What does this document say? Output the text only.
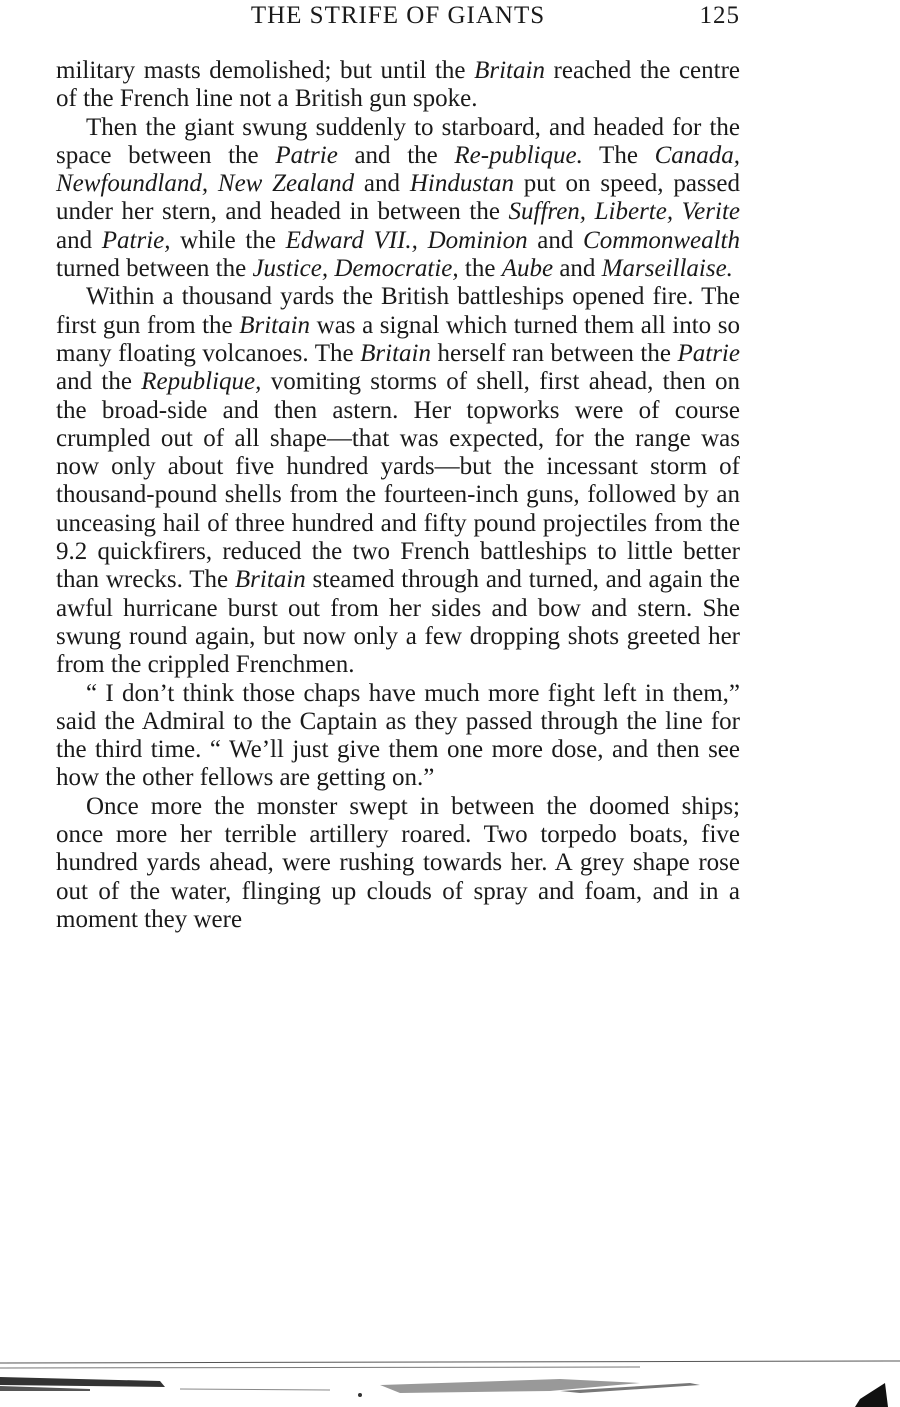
THE STRIFE OF GIANTS	125

military masts demolished; but until the Britain reached the centre of the French line not a British gun spoke.

Then the giant swung suddenly to starboard, and headed for the space between the Patrie and the Re-publique. The Canada, Newfoundland, New Zealand and Hindustan put on speed, passed under her stern, and headed in between the Suffren, Liberte, Verite and Patrie, while the Edward VII., Dominion and Commonwealth turned between the Justice, Democratie, the Aube and Marseillaise.

Within a thousand yards the British battleships opened fire. The first gun from the Britain was a signal which turned them all into so many floating volcanoes. The Britain herself ran between the Patrie and the Republique, vomiting storms of shell, first ahead, then on the broad-side and then astern. Her topworks were of course crumpled out of all shape—that was expected, for the range was now only about five hundred yards—but the incessant storm of thousand-pound shells from the fourteen-inch guns, followed by an unceasing hail of three hundred and fifty pound projectiles from the 9.2 quickfirers, reduced the two French battleships to little better than wrecks. The Britain steamed through and turned, and again the awful hurricane burst out from her sides and bow and stern. She swung round again, but now only a few dropping shots greeted her from the crippled Frenchmen.

“ I don’t think those chaps have much more fight left in them,” said the Admiral to the Captain as they passed through the line for the third time. “ We’ll just give them one more dose, and then see how the other fellows are getting on.”

Once more the monster swept in between the doomed ships; once more her terrible artillery roared. Two torpedo boats, five hundred yards ahead, were rushing towards her. A grey shape rose out of the water, flinging up clouds of spray and foam, and in a moment they were
